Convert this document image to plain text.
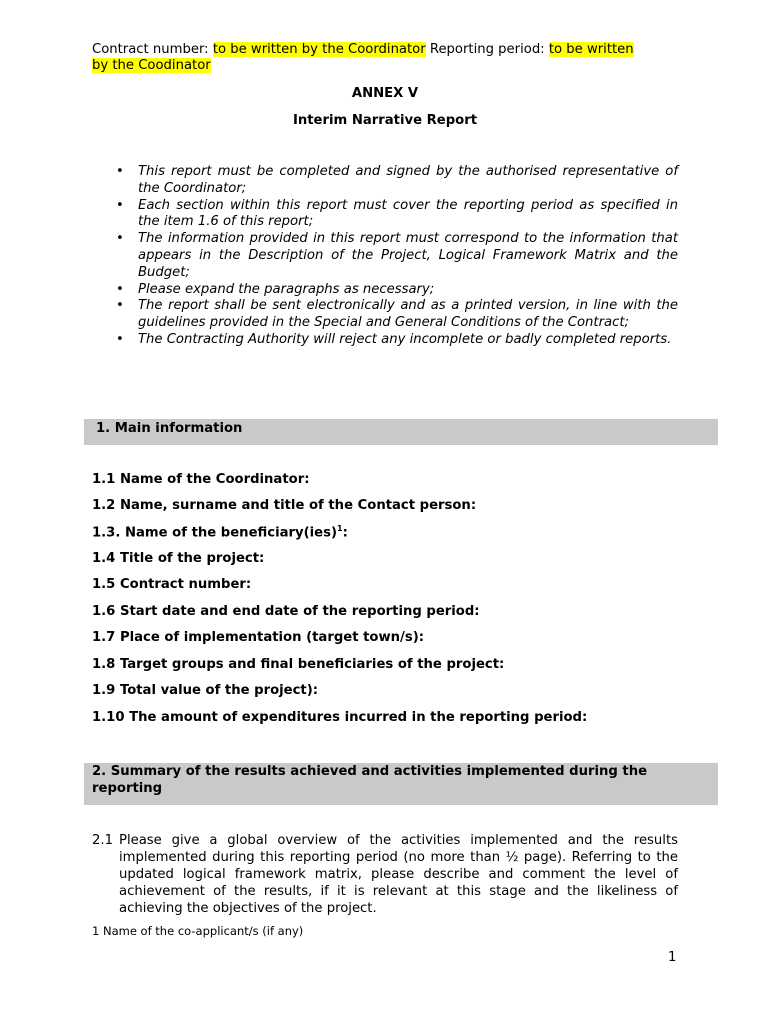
Contract number: to be written by the Coordinator Reporting period: to be written
by the Coodinator
ANNEX V
Interim Narrative Report
• This report must be completed and signed by the authorised representative of the Coordinator;
• Each section within this report must cover the reporting period as specified in the item 1.6 of this report;
• The information provided in this report must correspond to the information that appears in the Description of the Project, Logical Framework Matrix and the Budget;
• Please expand the paragraphs as necessary;
• The report shall be sent electronically and as a printed version, in line with the guidelines provided in the Special and General Conditions of the Contract;
• The Contracting Authority will reject any incomplete or badly completed reports.
1. Main information
1.1 Name of the Coordinator:
1.2 Name, surname and title of the Contact person:
1.3. Name of the beneficiary(ies)$^1$:
1.4 Title of the project:
1.5 Contract number:
1.6 Start date and end date of the reporting period:
1.7 Place of implementation (target town/s):
1.8 Target groups and final beneficiaries of the project:
1.9 Total value of the project):
1.10 The amount of expenditures incurred in the reporting period:
2. Summary of the results achieved and activities implemented during the
reporting
2.1 Please give a global overview of the activities implemented and the results implemented during this reporting period (no more than ½ page). Referring to the updated logical framework matrix, please describe and comment the level of achievement of the results, if it is relevant at this stage and the likeliness of achieving the objectives of the project.
1 Name of the co-applicant/s (if any)
1
